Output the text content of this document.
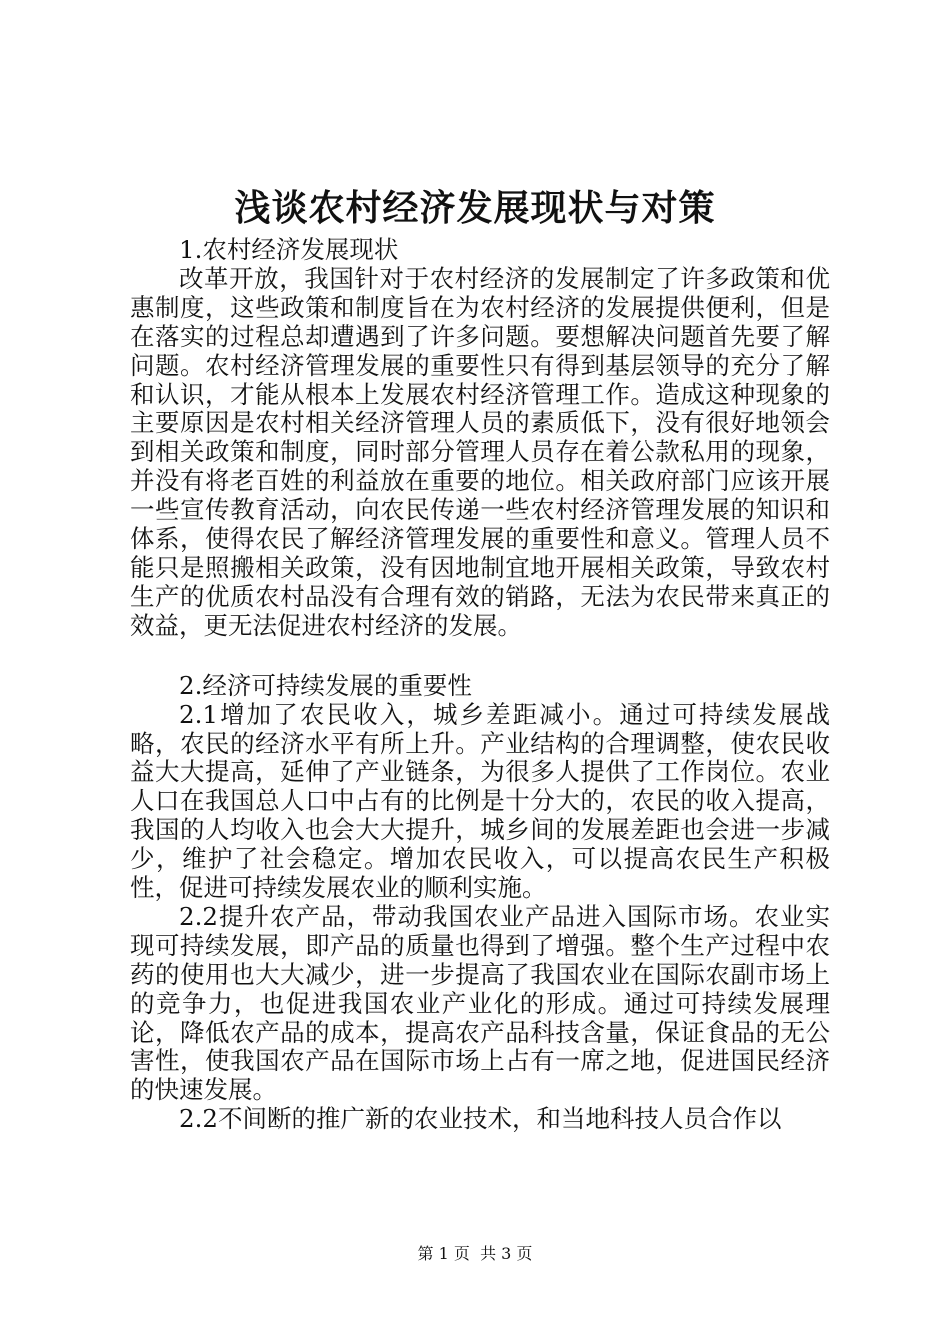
浅谈农村经济发展现状与对策

1.农村经济发展现状

改革开放，我国针对于农村经济的发展制定了许多政策和优惠制度，这些政策和制度旨在为农村经济的发展提供便利，但是在落实的过程总却遭遇到了许多问题。要想解决问题首先要了解问题。农村经济管理发展的重要性只有得到基层领导的充分了解和认识，才能从根本上发展农村经济管理工作。造成这种现象的主要原因是农村相关经济管理人员的素质低下，没有很好地领会到相关政策和制度，同时部分管理人员存在着公款私用的现象，并没有将老百姓的利益放在重要的地位。相关政府部门应该开展一些宣传教育活动，向农民传递一些农村经济管理发展的知识和体系，使得农民了解经济管理发展的重要性和意义。管理人员不能只是照搬相关政策，没有因地制宜地开展相关政策，导致农村生产的优质农村品没有合理有效的销路，无法为农民带来真正的效益，更无法促进农村经济的发展。

2.经济可持续发展的重要性

2.1增加了农民收入，城乡差距减小。通过可持续发展战略，农民的经济水平有所上升。产业结构的合理调整，使农民收益大大提高，延伸了产业链条，为很多人提供了工作岗位。农业人口在我国总人口中占有的比例是十分大的，农民的收入提高，我国的人均收入也会大大提升，城乡间的发展差距也会进一步减少，维护了社会稳定。增加农民收入，可以提高农民生产积极性，促进可持续发展农业的顺利实施。

2.2提升农产品，带动我国农业产品进入国际市场。农业实现可持续发展，即产品的质量也得到了增强。整个生产过程中农药的使用也大大减少，进一步提高了我国农业在国际农副市场上的竞争力，也促进我国农业产业化的形成。通过可持续发展理论，降低农产品的成本，提高农产品科技含量，保证食品的无公害性，使我国农产品在国际市场上占有一席之地，促进国民经济的快速发展。

2.2不间断的推广新的农业技术，和当地科技人员合作以

第 1 页  共 3 页
